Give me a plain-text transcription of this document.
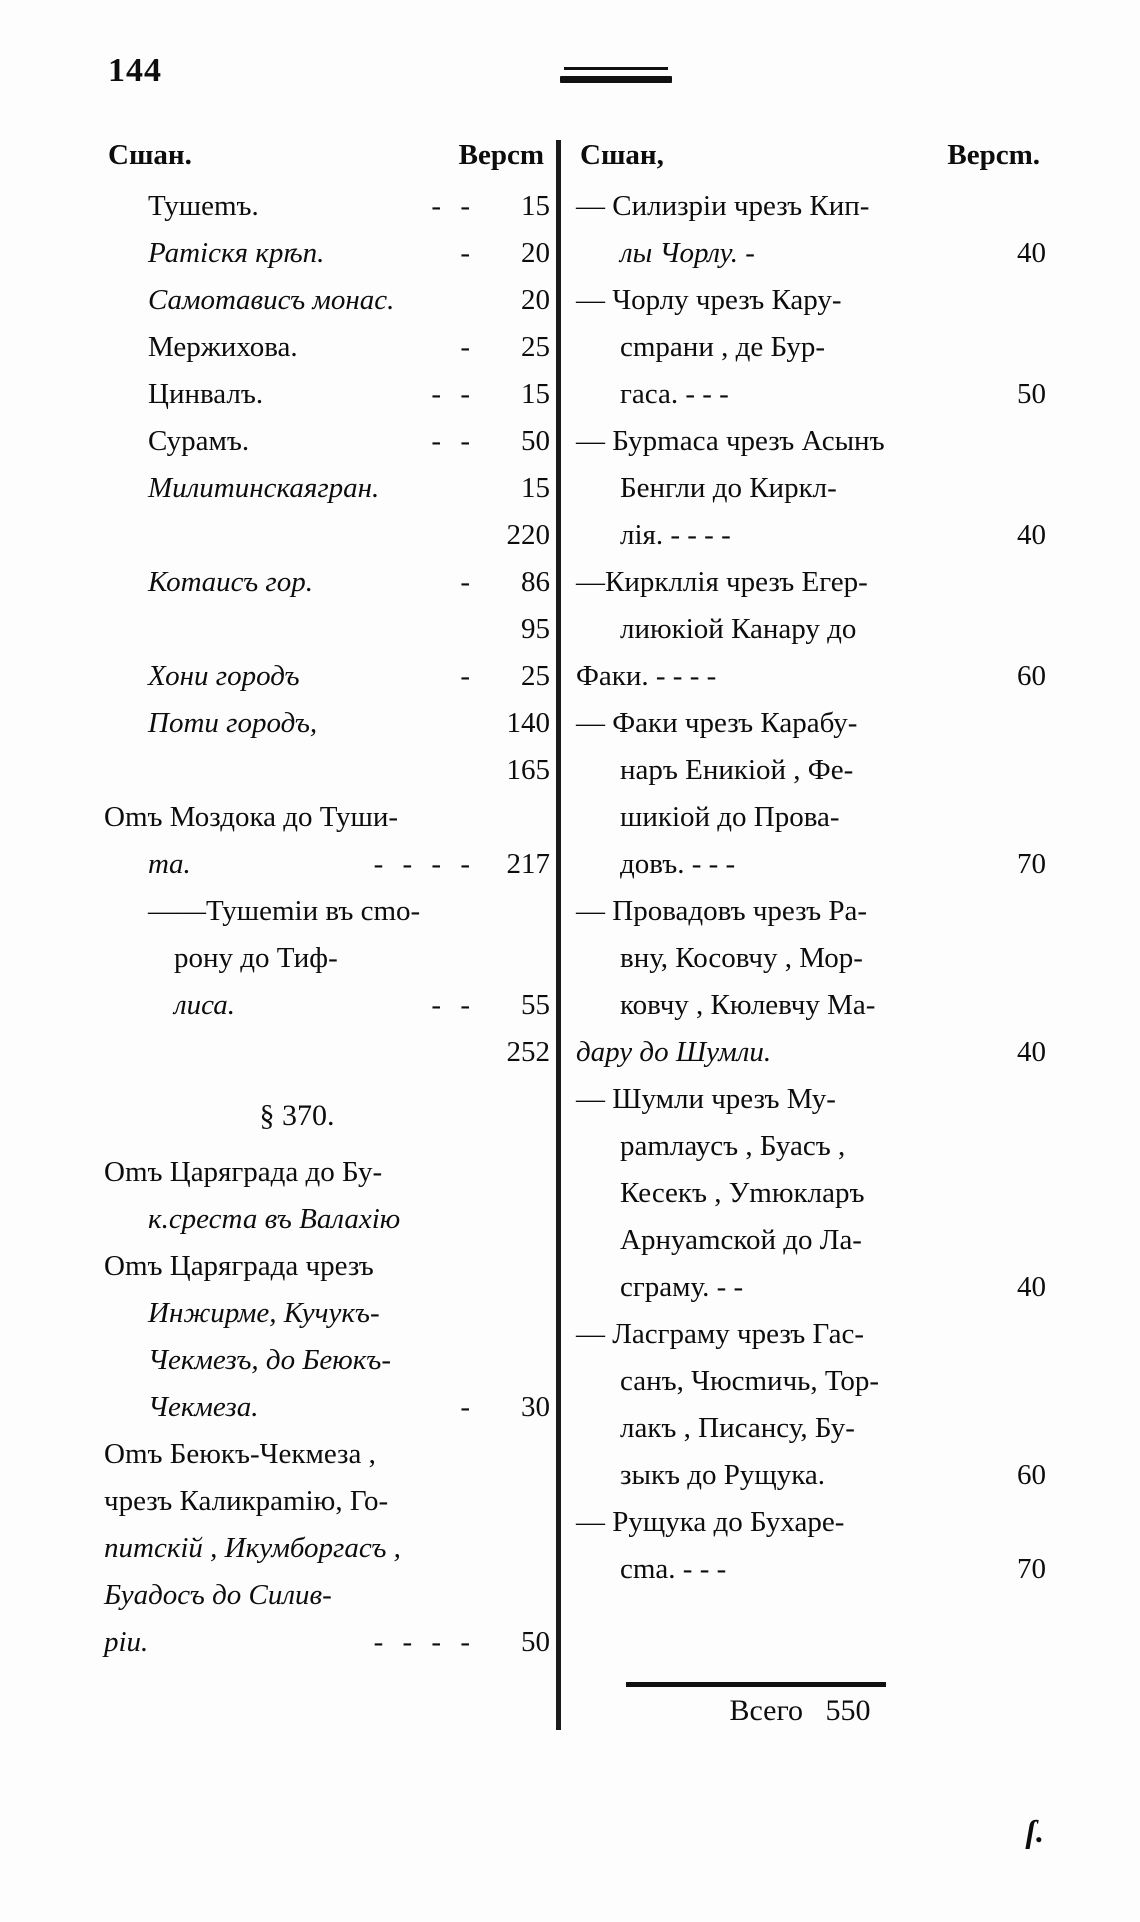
144
Сшан.	Версm
Тушеmъ.	- -	15
Раmiскя крѣп.	-	20
Самоmависъ монас.	20
Мержихова.	-	25
Цинвалъ.	- -	15
Сурамъ.	- -	50
Милиmинскаягран.	15
220
Коmаисъ гор.	-	86
95
Хони городъ	-	25
Поmи городъ,	140
165
Оmъ Моздока до Туши-
mа.	- - - -	217
——Тушеmiи въ сmо-
рону до Тиф-
лиса.	- -	55
252
§ 370.
Оmъ Царяграда до Бу-
к.среста въ Валахiю
Оmъ Царяграда чрезъ
Инжирме, Кучукъ-
Чекмезъ, до Беюкъ-
Чекмеза.	-	30
Оmъ Беюкъ-Чекмеза ,
чрезъ Каликраmiю, Го-
пиmскiй , Икумборгасъ ,
Буадосъ до Силив-
рiи.	- - - -	50
Сшан,	Версm.
— Силизрiи чрезъ Кип-
лы Чорлу. -	40
— Чорлу чрезъ Кару-
сmрани , де Бур-
гаса. - - -	50
— Бурmаса чрезъ Асынъ
Бенгли до Киркл-
лiя. - - - -	40
—Киркллiя чрезъ Егер-
лиюкiой Канару до
Факи. - - - -	60
— Факи чрезъ Карабу-
наръ Еникiой , Фе-
шикiой до Прова-
довъ. - - -	70
— Провадовъ чрезъ Ра-
вну, Косовчу , Мор-
ковчу , Кюлевчу Ма-
дару до Шумли.	40
— Шумли чрезъ Му-
раmлаусъ , Буасъ ,
Кесекъ , Уmюкларъ
Арнуаmской до Ла-
сграму. - -	40
— Ласграму чрезъ Гас-
санъ, Чюсmичь, Тор-
лакъ , Писансу, Бу-
зыкъ до Рущука.	60
— Рущука до Бухаре-
сmа. - - -	70
Всего 550
ſ.
